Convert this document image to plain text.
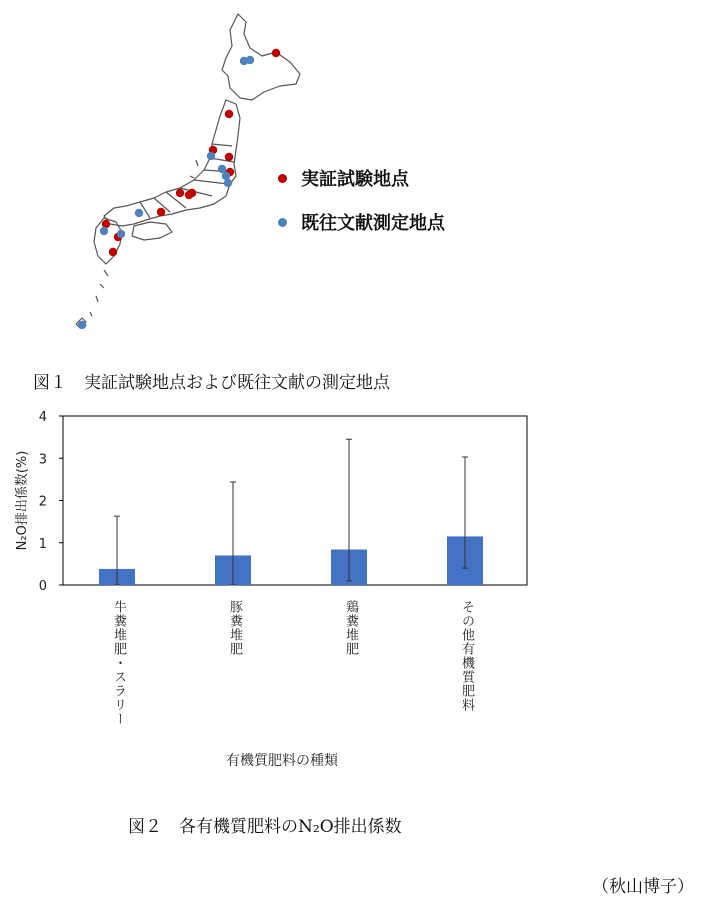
実証試験地点
既往文献測定地点
図１　実証試験地点および既往文献の測定地点
0
1
2
3
4
N₂O排出係数(%)
牛糞堆肥・スラリー	豚糞堆肥	鶏糞堆肥	その他有機質肥料
有機質肥料の種類
図２　各有機質肥料のN₂O排出係数
（秋山博子）
